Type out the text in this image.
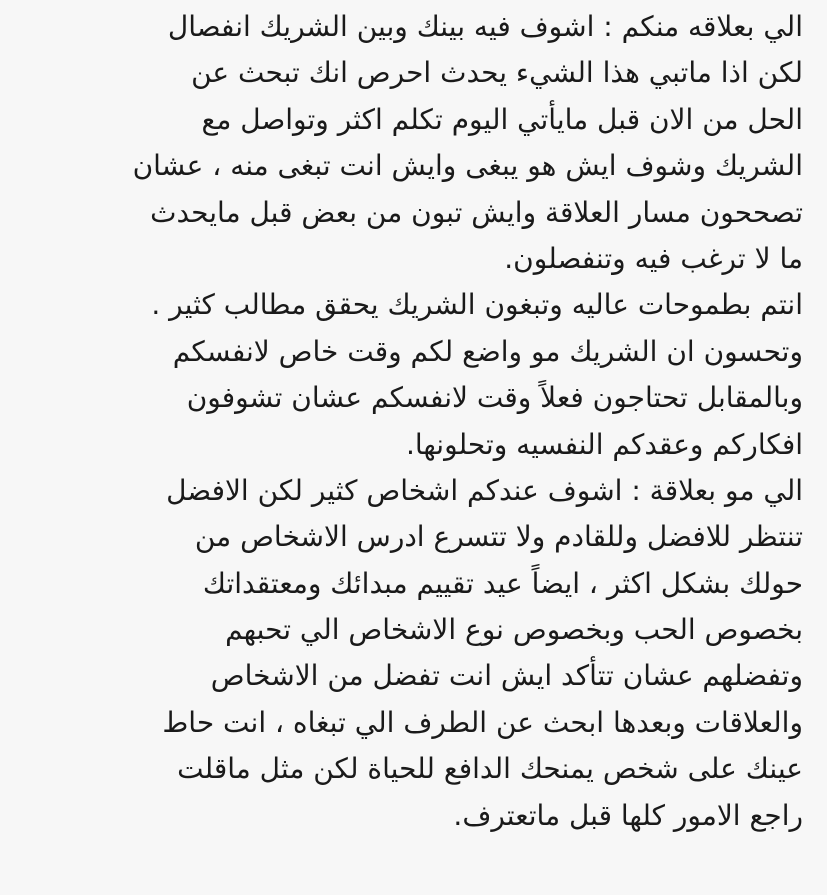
الي بعلاقه منكم : اشوف فيه بينك وبين الشريك انفصال
لكن اذا ماتبي هذا الشيء يحدث احرص انك تبحث عن
الحل من الان قبل مايأتي اليوم تكلم اكثر وتواصل مع
الشريك وشوف ايش هو يبغى وايش انت تبغى منه ، عشان
تصححون مسار العلاقة وايش تبون من بعض قبل مايحدث
ما لا ترغب فيه وتنفصلون.
انتم بطموحات عاليه وتبغون الشريك يحقق مطالب كثير .
وتحسون ان الشريك مو واضع لكم وقت خاص لانفسكم
وبالمقابل تحتاجون فعلاً وقت لانفسكم عشان تشوفون
افكاركم وعقدكم النفسيه وتحلونها.
الي مو بعلاقة : اشوف عندكم اشخاص كثير لكن الافضل
تنتظر للافضل وللقادم ولا تتسرع ادرس الاشخاص من
حولك بشكل اكثر ، ايضاً عيد تقييم مبدائك ومعتقداتك
بخصوص الحب وبخصوص نوع الاشخاص الي تحبهم
وتفضلهم عشان تتأكد ايش انت تفضل من الاشخاص
والعلاقات وبعدها ابحث عن الطرف الي تبغاه ، انت حاط
عينك على شخص يمنحك الدافع للحياة لكن مثل ماقلت
راجع الامور كلها قبل ماتعترف.
